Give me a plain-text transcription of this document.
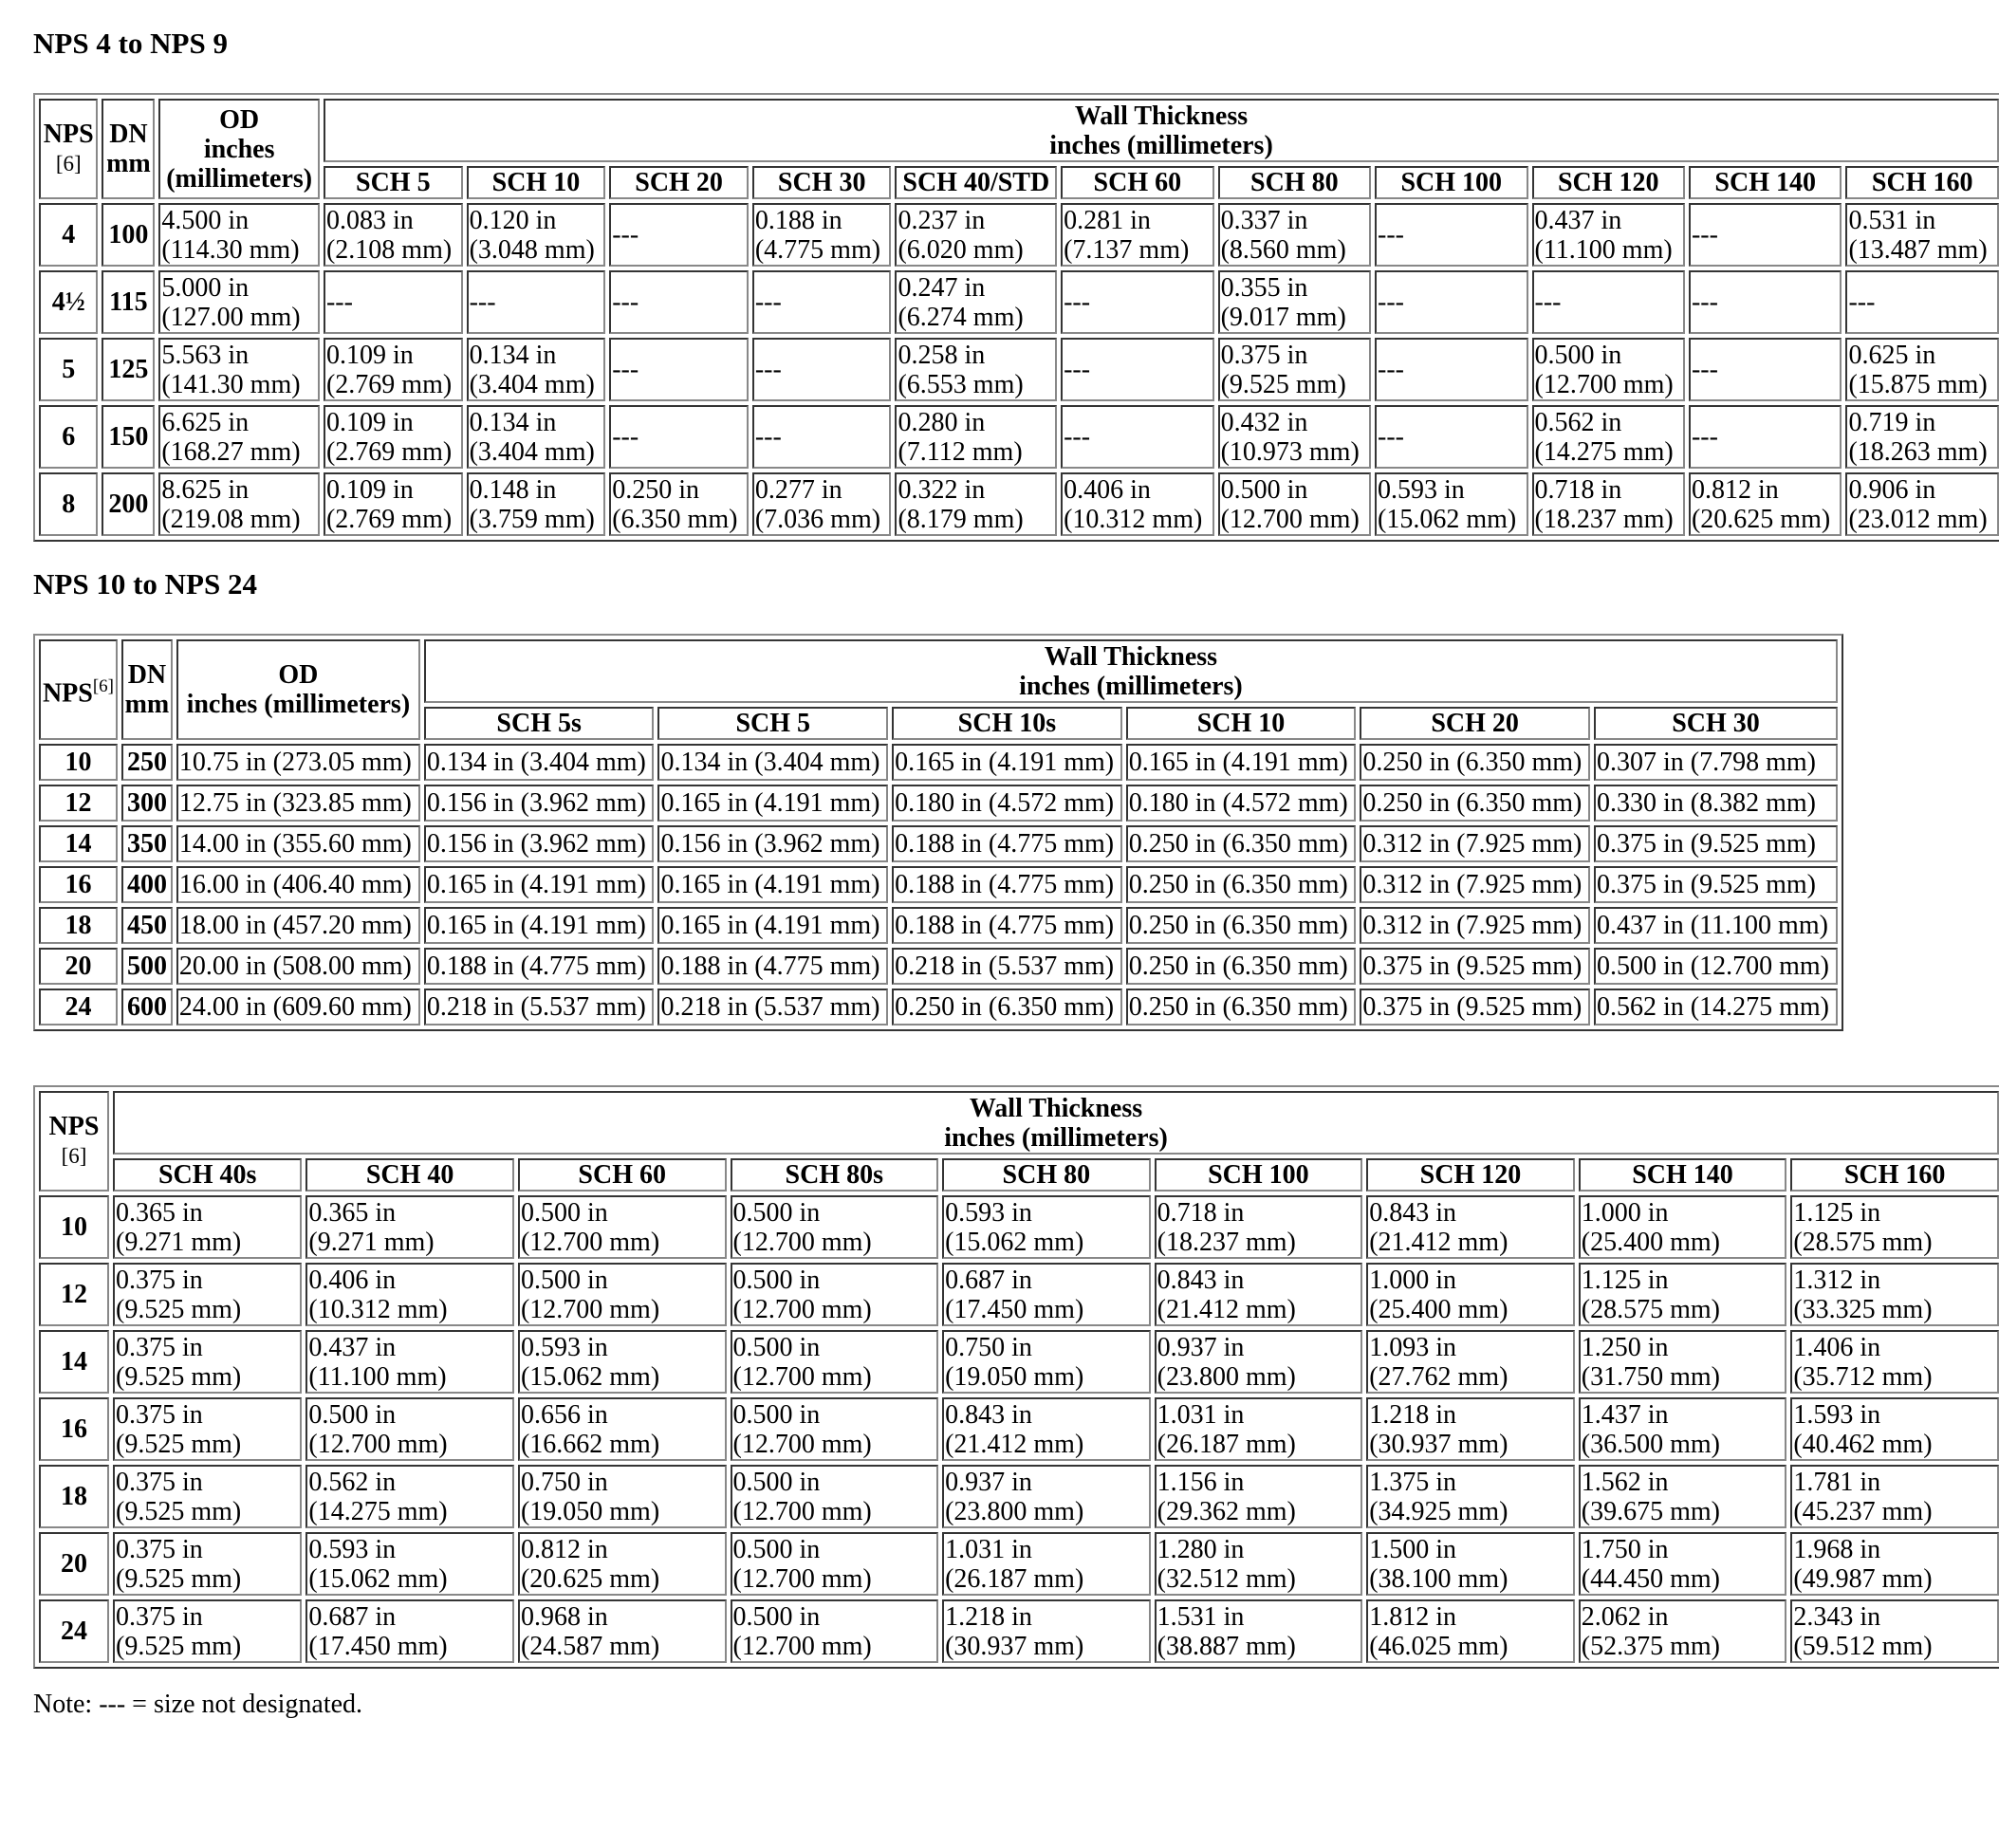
NPS 4 to NPS 9
NPS
[6]	DN
mm	OD
inches
(millimeters)	Wall Thickness
inches (millimeters)										
			SCH 5	SCH 10	SCH 20	SCH 30	SCH 40/STD	SCH 60	SCH 80	SCH 100	SCH 120	SCH 140	SCH 160
4	100	4.500 in
(114.30 mm)	0.083 in
(2.108 mm)	0.120 in
(3.048 mm)	---	0.188 in
(4.775 mm)	0.237 in
(6.020 mm)	0.281 in
(7.137 mm)	0.337 in
(8.560 mm)	---	0.437 in
(11.100 mm)	---	0.531 in
(13.487 mm)
4½	115	5.000 in
(127.00 mm)	---	---	---	---	0.247 in
(6.274 mm)	---	0.355 in
(9.017 mm)	---	---	---	---
5	125	5.563 in
(141.30 mm)	0.109 in
(2.769 mm)	0.134 in
(3.404 mm)	---	---	0.258 in
(6.553 mm)	---	0.375 in
(9.525 mm)	---	0.500 in
(12.700 mm)	---	0.625 in
(15.875 mm)
6	150	6.625 in
(168.27 mm)	0.109 in
(2.769 mm)	0.134 in
(3.404 mm)	---	---	0.280 in
(7.112 mm)	---	0.432 in
(10.973 mm)	---	0.562 in
(14.275 mm)	---	0.719 in
(18.263 mm)
8	200	8.625 in
(219.08 mm)	0.109 in
(2.769 mm)	0.148 in
(3.759 mm)	0.250 in
(6.350 mm)	0.277 in
(7.036 mm)	0.322 in
(8.179 mm)	0.406 in
(10.312 mm)	0.500 in
(12.700 mm)	0.593 in
(15.062 mm)	0.718 in
(18.237 mm)	0.812 in
(20.625 mm)	0.906 in
(23.012 mm)
NPS 10 to NPS 24
NPS[6]	DN
mm	OD
inches (millimeters)	Wall Thickness
inches (millimeters)					
			SCH 5s	SCH 5	SCH 10s	SCH 10	SCH 20	SCH 30
10	250	10.75 in (273.05 mm)	0.134 in (3.404 mm)	0.134 in (3.404 mm)	0.165 in (4.191 mm)	0.165 in (4.191 mm)	0.250 in (6.350 mm)	0.307 in (7.798 mm)
12	300	12.75 in (323.85 mm)	0.156 in (3.962 mm)	0.165 in (4.191 mm)	0.180 in (4.572 mm)	0.180 in (4.572 mm)	0.250 in (6.350 mm)	0.330 in (8.382 mm)
14	350	14.00 in (355.60 mm)	0.156 in (3.962 mm)	0.156 in (3.962 mm)	0.188 in (4.775 mm)	0.250 in (6.350 mm)	0.312 in (7.925 mm)	0.375 in (9.525 mm)
16	400	16.00 in (406.40 mm)	0.165 in (4.191 mm)	0.165 in (4.191 mm)	0.188 in (4.775 mm)	0.250 in (6.350 mm)	0.312 in (7.925 mm)	0.375 in (9.525 mm)
18	450	18.00 in (457.20 mm)	0.165 in (4.191 mm)	0.165 in (4.191 mm)	0.188 in (4.775 mm)	0.250 in (6.350 mm)	0.312 in (7.925 mm)	0.437 in (11.100 mm)
20	500	20.00 in (508.00 mm)	0.188 in (4.775 mm)	0.188 in (4.775 mm)	0.218 in (5.537 mm)	0.250 in (6.350 mm)	0.375 in (9.525 mm)	0.500 in (12.700 mm)
24	600	24.00 in (609.60 mm)	0.218 in (5.537 mm)	0.218 in (5.537 mm)	0.250 in (6.350 mm)	0.250 in (6.350 mm)	0.375 in (9.525 mm)	0.562 in (14.275 mm)
NPS
[6]	Wall Thickness
inches (millimeters)								
	SCH 40s	SCH 40	SCH 60	SCH 80s	SCH 80	SCH 100	SCH 120	SCH 140	SCH 160
10	0.365 in
(9.271 mm)	0.365 in
(9.271 mm)	0.500 in
(12.700 mm)	0.500 in
(12.700 mm)	0.593 in
(15.062 mm)	0.718 in
(18.237 mm)	0.843 in
(21.412 mm)	1.000 in
(25.400 mm)	1.125 in
(28.575 mm)
12	0.375 in
(9.525 mm)	0.406 in
(10.312 mm)	0.500 in
(12.700 mm)	0.500 in
(12.700 mm)	0.687 in
(17.450 mm)	0.843 in
(21.412 mm)	1.000 in
(25.400 mm)	1.125 in
(28.575 mm)	1.312 in
(33.325 mm)
14	0.375 in
(9.525 mm)	0.437 in
(11.100 mm)	0.593 in
(15.062 mm)	0.500 in
(12.700 mm)	0.750 in
(19.050 mm)	0.937 in
(23.800 mm)	1.093 in
(27.762 mm)	1.250 in
(31.750 mm)	1.406 in
(35.712 mm)
16	0.375 in
(9.525 mm)	0.500 in
(12.700 mm)	0.656 in
(16.662 mm)	0.500 in
(12.700 mm)	0.843 in
(21.412 mm)	1.031 in
(26.187 mm)	1.218 in
(30.937 mm)	1.437 in
(36.500 mm)	1.593 in
(40.462 mm)
18	0.375 in
(9.525 mm)	0.562 in
(14.275 mm)	0.750 in
(19.050 mm)	0.500 in
(12.700 mm)	0.937 in
(23.800 mm)	1.156 in
(29.362 mm)	1.375 in
(34.925 mm)	1.562 in
(39.675 mm)	1.781 in
(45.237 mm)
20	0.375 in
(9.525 mm)	0.593 in
(15.062 mm)	0.812 in
(20.625 mm)	0.500 in
(12.700 mm)	1.031 in
(26.187 mm)	1.280 in
(32.512 mm)	1.500 in
(38.100 mm)	1.750 in
(44.450 mm)	1.968 in
(49.987 mm)
24	0.375 in
(9.525 mm)	0.687 in
(17.450 mm)	0.968 in
(24.587 mm)	0.500 in
(12.700 mm)	1.218 in
(30.937 mm)	1.531 in
(38.887 mm)	1.812 in
(46.025 mm)	2.062 in
(52.375 mm)	2.343 in
(59.512 mm)
Note: --- = size not designated.
